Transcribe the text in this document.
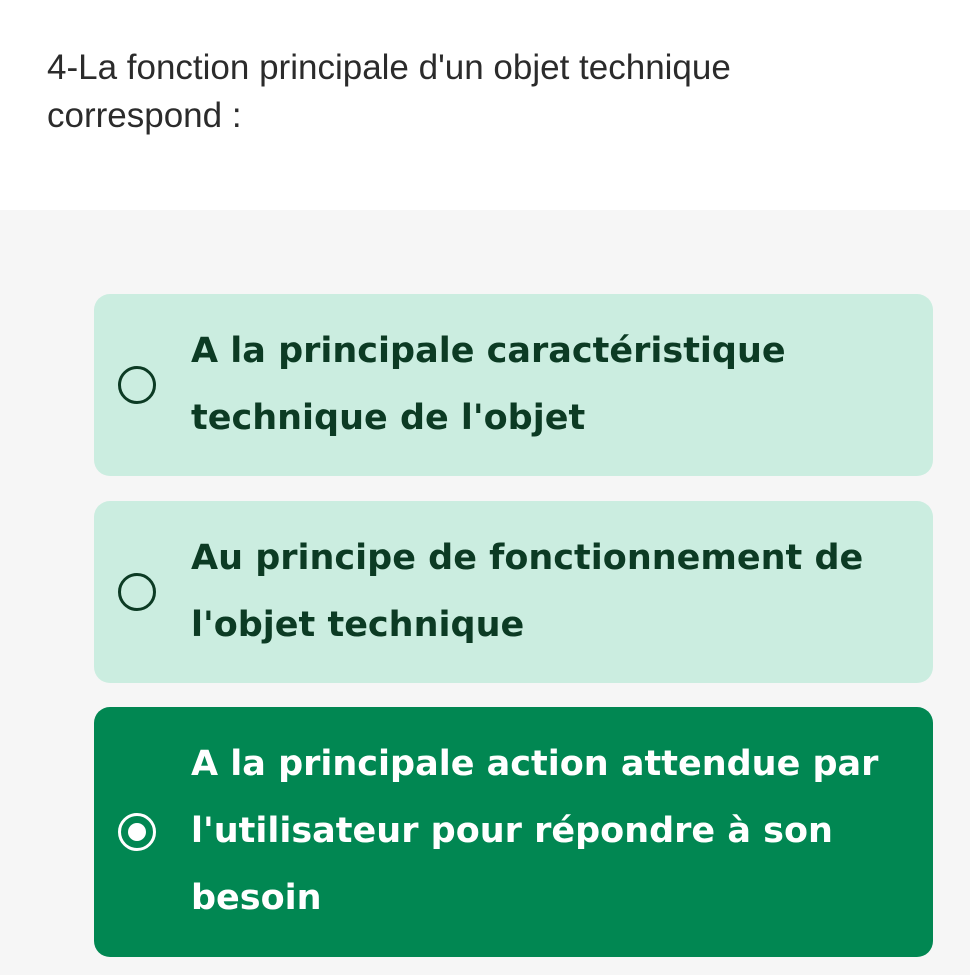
4-La fonction principale d'un objet technique correspond :

A la principale caractéristique technique de l'objet

Au principe de fonctionnement de l'objet technique

A la principale action attendue par l'utilisateur pour répondre à son besoin
